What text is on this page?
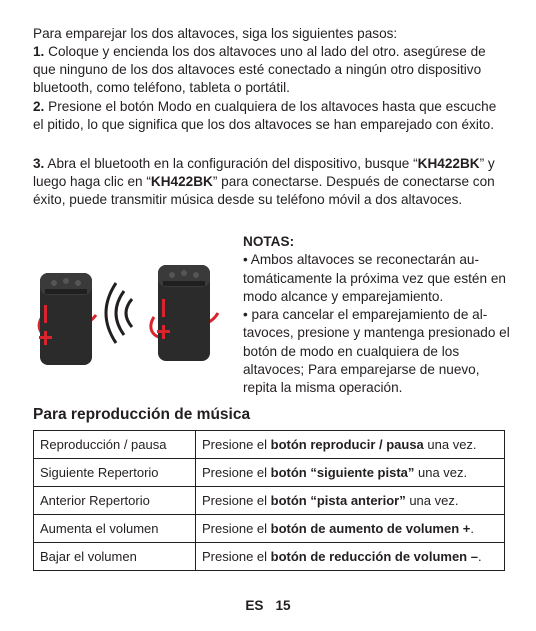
Para emparejar los dos altavoces, siga los siguientes pasos:

1. Coloque y encienda los dos altavoces uno al lado del otro. asegúrese de que ninguno de los dos altavoces esté conectado a ningún otro dispositivo bluetooth, como teléfono, tableta o portátil.

2. Presione el botón Modo en cualquiera de los altavoces hasta que escuche el pitido, lo que significa que los dos altavoces se han emparejado con éxito.

3. Abra el bluetooth en la configuración del dispositivo, busque “KH422BK” y luego haga clic en “KH422BK” para conectarse. Después de conectarse con éxito, puede transmitir música desde su teléfono móvil a dos altavoces.

NOTAS:

• Ambos altavoces se reconectarán au-tomáticamente la próxima vez que estén en modo alcance y emparejamiento.

• para cancelar el emparejamiento de al-tavoces, presione y mantenga presionado el botón de modo en cualquiera de los altavoces; Para emparejarse de nuevo, repita la misma operación.

Para reproducción de música

Reproducción / pausa	Presione el botón reproducir / pausa una vez.
Siguiente Repertorio	Presione el botón “siguiente pista” una vez.
Anterior Repertorio	Presione el botón “pista anterior” una vez.
Aumenta el volumen	Presione el botón de aumento de volumen +.
Bajar el volumen	Presione el botón de reducción de volumen –.
ES 15
